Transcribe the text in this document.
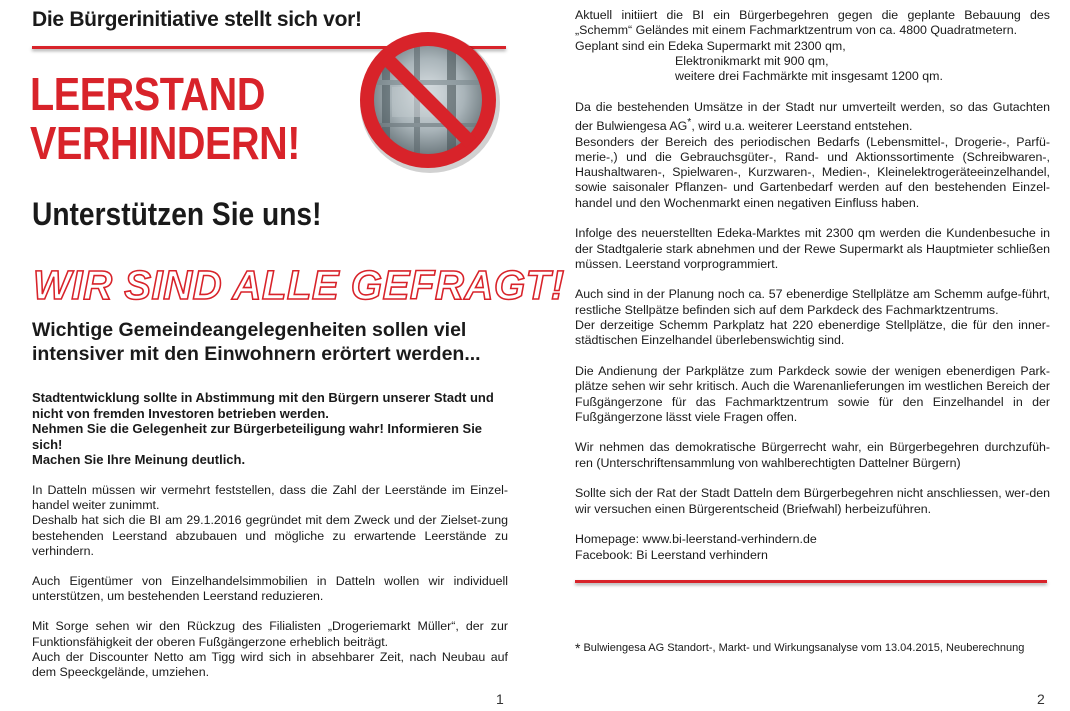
Die Bürgerinitiative stellt sich vor!
LEERSTAND
VERHINDERN!
Unterstützen Sie uns!
WIR SIND ALLE GEFRAGT!
Wichtige Gemeindeangelegenheiten sollen viel intensiver mit den Einwohnern erörtert werden...
Stadtentwicklung sollte in Abstimmung mit den Bürgern unserer Stadt und nicht von fremden Investoren betrieben werden.
Nehmen Sie die Gelegenheit zur Bürgerbeteiligung wahr! Informieren Sie sich!
Machen Sie Ihre Meinung deutlich.

In Datteln müssen wir vermehrt feststellen, dass die Zahl der Leerstände im Einzel-handel weiter zunimmt.
Deshalb hat sich die BI am 29.1.2016 gegründet mit dem Zweck und der Zielset-zung bestehenden Leerstand abzubauen und mögliche zu erwartende Leerstände zu verhindern.

Auch Eigentümer von Einzelhandelsimmobilien in Datteln wollen wir individuell unterstützen, um bestehenden Leerstand reduzieren.

Mit Sorge sehen wir den Rückzug des Filialisten „Drogeriemarkt Müller“, der zur Funktionsfähigkeit der oberen Fußgängerzone erheblich beiträgt.
Auch der Discounter Netto am Tigg wird sich in absehbarer Zeit, nach Neubau auf dem Speeckgelände, umziehen.

1

Aktuell initiiert die BI ein Bürgerbegehren gegen die geplante Bebauung des „Schemm“ Geländes mit einem Fachmarktzentrum von ca. 4800 Quadratmetern.
Geplant sind ein Edeka Supermarkt mit 2300 qm,
Elektronikmarkt mit 900 qm,
weitere drei Fachmärkte mit insgesamt 1200 qm.

Da die bestehenden Umsätze in der Stadt nur umverteilt werden, so das Gutachten der Bulwiengesa AG*, wird u.a. weiterer Leerstand entstehen.
Besonders der Bereich des periodischen Bedarfs (Lebensmittel-, Drogerie-, Parfü-merie-,) und die Gebrauchsgüter-, Rand- und Aktionssortimente (Schreibwaren-, Haushaltwaren-, Spielwaren-, Kurzwaren-, Medien-, Kleinelektrogeräteeinzelhandel, sowie saisonaler Pflanzen- und Gartenbedarf werden auf den bestehenden Einzel-handel und den Wochenmarkt einen negativen Einfluss haben.

Infolge des neuerstellten Edeka-Marktes mit 2300 qm werden die Kundenbesuche in der Stadtgalerie stark abnehmen und der Rewe Supermarkt als Hauptmieter schließen müssen. Leerstand vorprogrammiert.

Auch sind in der Planung noch ca. 57 ebenerdige Stellplätze am Schemm aufge-führt, restliche Stellpätze befinden sich auf dem Parkdeck des Fachmarktzentrums.
Der derzeitige Schemm Parkplatz hat 220 ebenerdige Stellplätze, die für den inner-städtischen Einzelhandel überlebenswichtig sind.

Die Andienung der Parkplätze zum Parkdeck sowie der wenigen ebenerdigen Park-plätze sehen wir sehr kritisch. Auch die Warenanlieferungen im westlichen Bereich der Fußgängerzone für das Fachmarktzentrum sowie für den Einzelhandel in der Fußgängerzone lässt viele Fragen offen.

Wir nehmen das demokratische Bürgerrecht wahr, ein Bürgerbegehren durchzufüh-ren (Unterschriftensammlung von wahlberechtigten Dattelner Bürgern)

Sollte sich der Rat der Stadt Datteln dem Bürgerbegehren nicht anschliessen, wer-den wir versuchen einen Bürgerentscheid (Briefwahl) herbeizuführen.

Homepage: www.bi-leerstand-verhindern.de
Facebook: Bi Leerstand verhindern

* Bulwiengesa AG Standort-, Markt- und Wirkungsanalyse vom 13.04.2015, Neuberechnung
2
